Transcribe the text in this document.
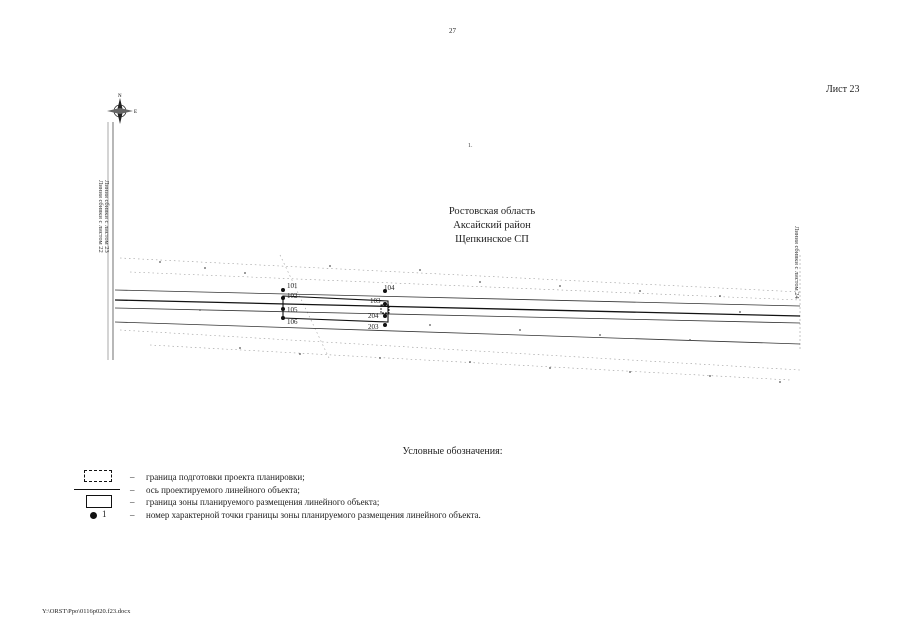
27
Лист 23
N
E
1.
Ростовская область
Аксайский район
Щепкинское СП
Линия сбивки с листом 23
Линия сбивки с листом 22
Линия сбивки с листом 24
101
102
105
106
103
104
203
204
Условные обозначения:
1
– граница подготовки проекта планировки;
– ось проектируемого линейного объекта;
– граница зоны планируемого размещения линейного объекта;
– номер характерной точки границы зоны планируемого размещения линейного объекта.
Y:\ORST\Ppo\0116p020.f23.docx
